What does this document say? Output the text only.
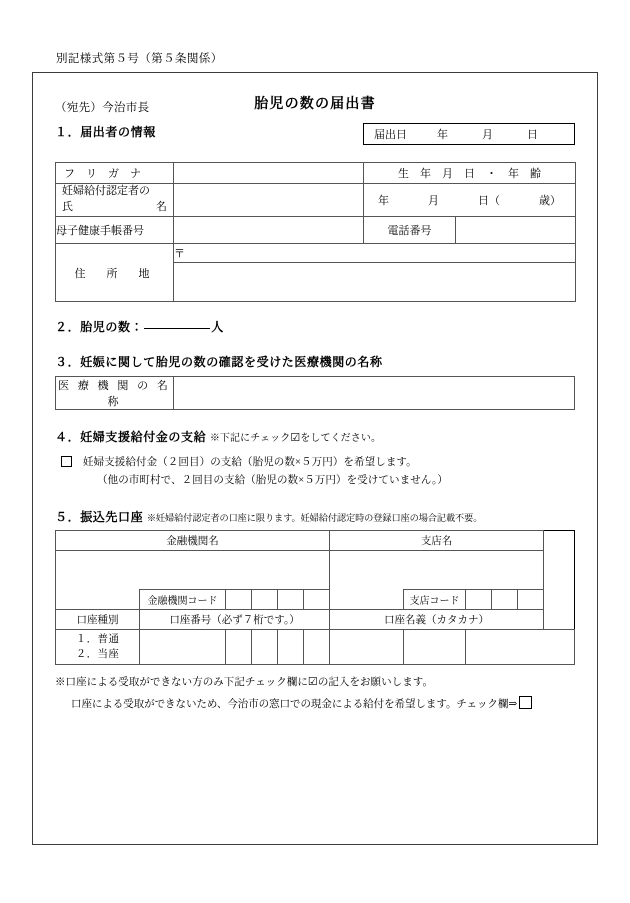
別記様式第５号（第５条関係）
胎児の数の届出書
（宛先）今治市長
１．届出者の情報	届出日	年	月	日
フ　リ　ガ　ナ		生　年　月　日　・　年　齢	

妊婦給付認定者の
氏	名		年	月	日（	歳）

母子健康手帳番号		電話番号	
住　所　地	〒		

２．胎児の数：	人
３．妊娠に関して胎児の数の確認を受けた医療機関の名称
医 療 機 関 の 名 称	
４．妊婦支援給付金の支給 ※下記にチェック☑をしてください。
妊婦支援給付金（２回目）の支給（胎児の数×５万円）を希望します。
（他の市町村で、２回目の支給（胎児の数×５万円）を受けていません。）
５．振込先口座 ※妊婦給付認定者の口座に限ります。妊婦給付認定時の登録口座の場合記載不要。
金融機関名						支店名				

	金融機関コード						支店コード			
口座種別	口座番号（必ず７桁です。）					口座名義（カタカナ）				

１．普通
２．当座										

※口座による受取ができない方のみ下記チェック欄に☑の記入をお願いします。
口座による受取ができないため、今治市の窓口での現金による給付を希望します。チェック欄⇒
